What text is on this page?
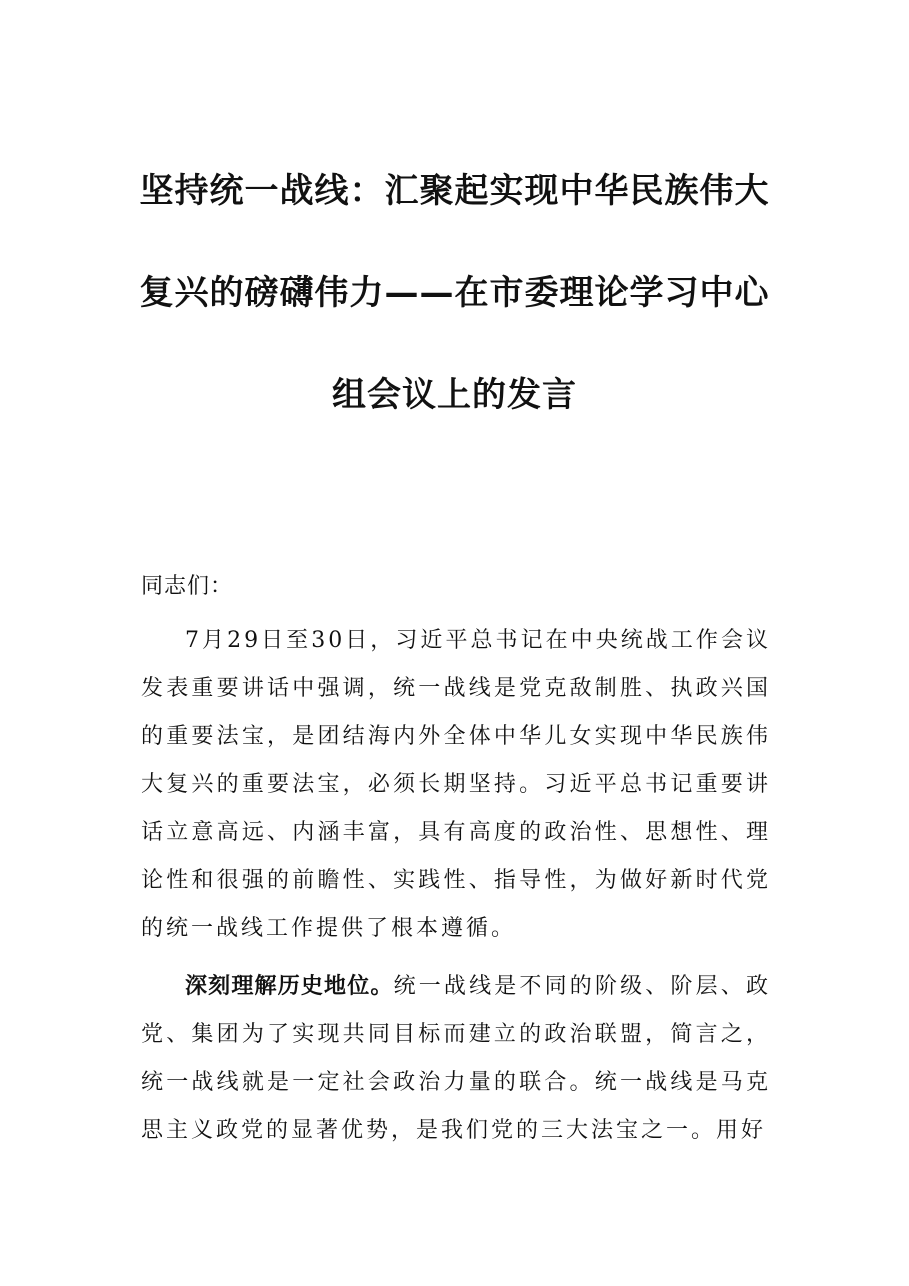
坚持统一战线：汇聚起实现中华民族伟大
复兴的磅礴伟力——在市委理论学习中心
组会议上的发言
同志们：

7月29日至30日，习近平总书记在中央统战工作会议发表重要讲话中强调，统一战线是党克敌制胜、执政兴国的重要法宝，是团结海内外全体中华儿女实现中华民族伟大复兴的重要法宝，必须长期坚持。习近平总书记重要讲话立意高远、内涵丰富，具有高度的政治性、思想性、理论性和很强的前瞻性、实践性、指导性，为做好新时代党的统一战线工作提供了根本遵循。

深刻理解历史地位。统一战线是不同的阶级、阶层、政党、集团为了实现共同目标而建立的政治联盟，简言之，统一战线就是一定社会政治力量的联合。统一战线是马克思主义政党的显著优势，是我们党的三大法宝之一。用好
